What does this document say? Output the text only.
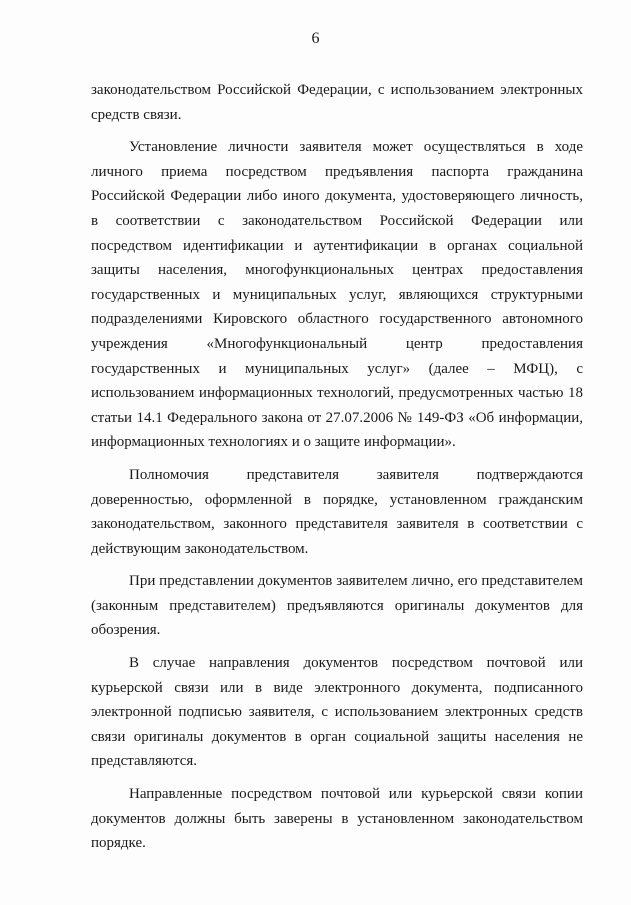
6

законодательством Российской Федерации, с использованием электронных средств связи.

Установление личности заявителя может осуществляться в ходе личного приема посредством предъявления паспорта гражданина Российской Федерации либо иного документа, удостоверяющего личность, в соответствии с законодательством Российской Федерации или посредством идентификации и аутентификации в органах социальной защиты населения, многофункциональных центрах предоставления государственных и муниципальных услуг, являющихся структурными подразделениями Кировского областного государственного автономного учреждения «Многофункциональный центр предоставления государственных и муниципальных услуг» (далее – МФЦ), с использованием информационных технологий, предусмотренных частью 18 статьи 14.1 Федерального закона от 27.07.2006 № 149-ФЗ «Об информации, информационных технологиях и о защите информации».

Полномочия представителя заявителя подтверждаются доверенностью, оформленной в порядке, установленном гражданским законодательством, законного представителя заявителя в соответствии с действующим законодательством.

При представлении документов заявителем лично, его представителем (законным представителем) предъявляются оригиналы документов для обозрения.

В случае направления документов посредством почтовой или курьерской связи или в виде электронного документа, подписанного электронной подписью заявителя, с использованием электронных средств связи оригиналы документов в орган социальной защиты населения не представляются.

Направленные посредством почтовой или курьерской связи копии документов должны быть заверены в установленном законодательством порядке.
